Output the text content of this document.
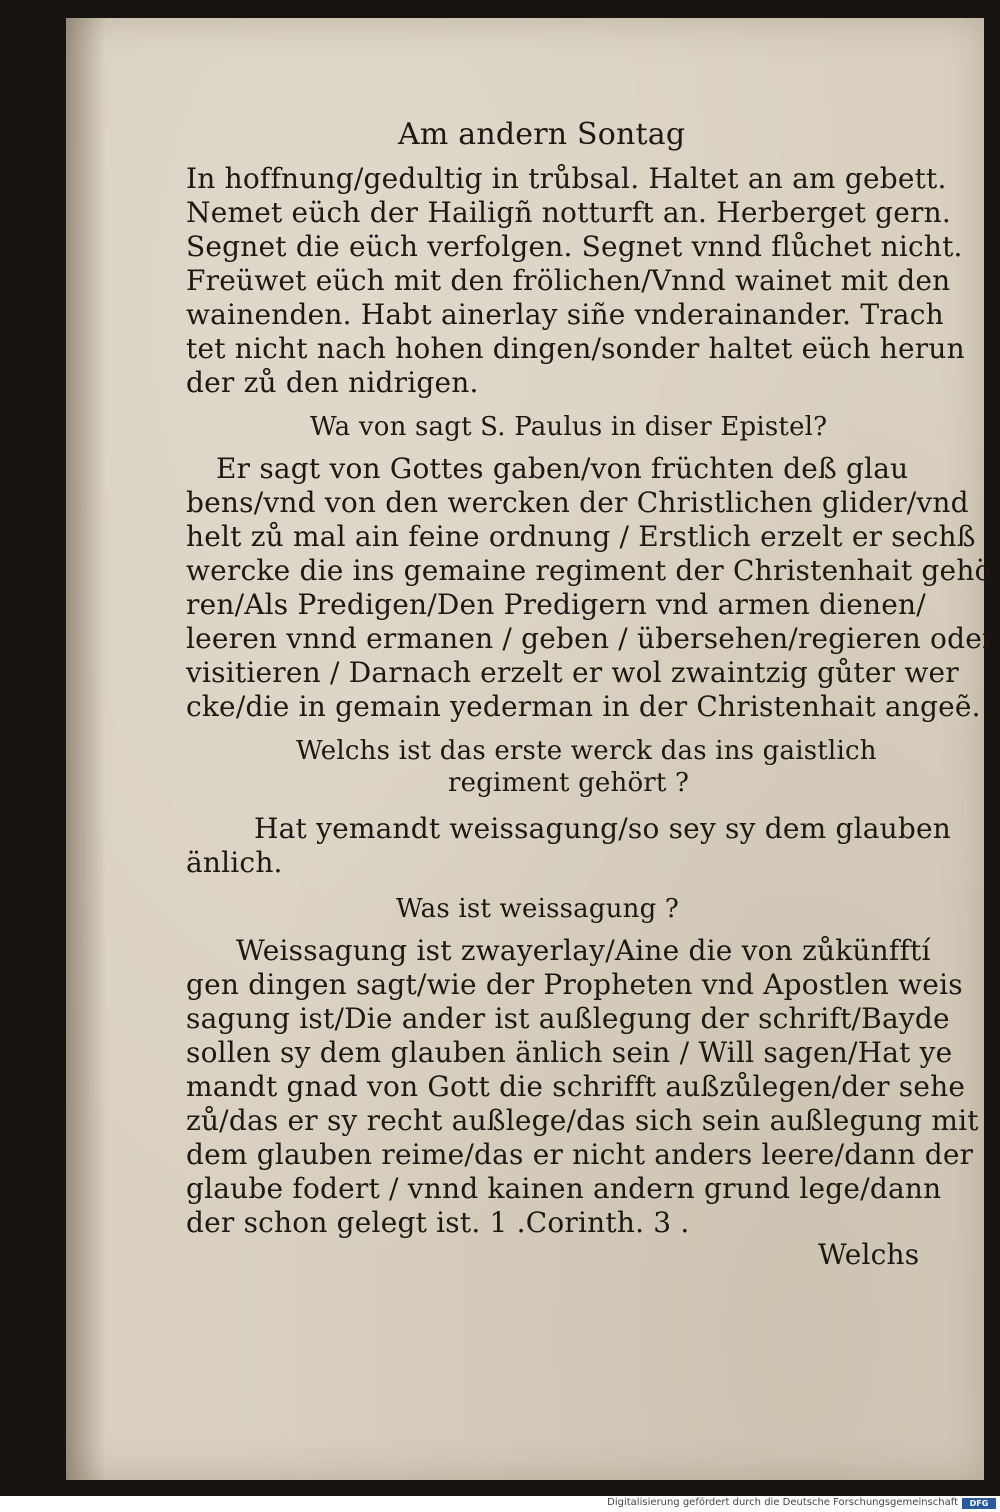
Am andern Sontag
In hoffnung/gedultig in trůbsal. Haltet an am gebett.
Nemet eüch der Hailigñ notturft an. Herberget gern.
Segnet die eüch verfolgen. Segnet vnnd flůchet nicht.
Freüwet eüch mit den frölichen/Vnnd wainet mit den
wainenden. Habt ainerlay siñe vnderainander. Trach
tet nicht nach hohen dingen/sonder haltet eüch herun
der zů den nidrigen.
Wa von sagt S. Paulus in diser Epistel?
Er sagt von Gottes gaben/von früchten deß glau
bens/vnd von den wercken der Christlichen glider/vnd
helt zů mal ain feine ordnung / Erstlich erzelt er sechß
wercke die ins gemaine regiment der Christenhait gehö
ren/Als Predigen/Den Predigern vnd armen dienen/
leeren vnnd ermanen / geben / übersehen/regieren oder
visitieren / Darnach erzelt er wol zwaintzig gůter wer
cke/die in gemain yederman in der Christenhait angeẽ.
Welchs ist das erste werck das ins gaistlich
regiment gehört ?
Hat yemandt weissagung/so sey sy dem glauben
änlich.
Was ist weissagung ?
Weissagung ist zwayerlay/Aine die von zůkünfftí
gen dingen sagt/wie der Propheten vnd Apostlen weis
sagung ist/Die ander ist außlegung der schrift/Bayde
sollen sy dem glauben änlich sein / Will sagen/Hat ye
mandt gnad von Gott die schrifft außzůlegen/der sehe
zů/das er sy recht außlege/das sich sein außlegung mit
dem glauben reime/das er nicht anders leere/dann der
glaube fodert / vnnd kainen andern grund lege/dann
der schon gelegt ist. 1 .Corinth. 3 .
Welchs
Digitalisierung gefördert durch die Deutsche Forschungsgemeinschaft	DFG
